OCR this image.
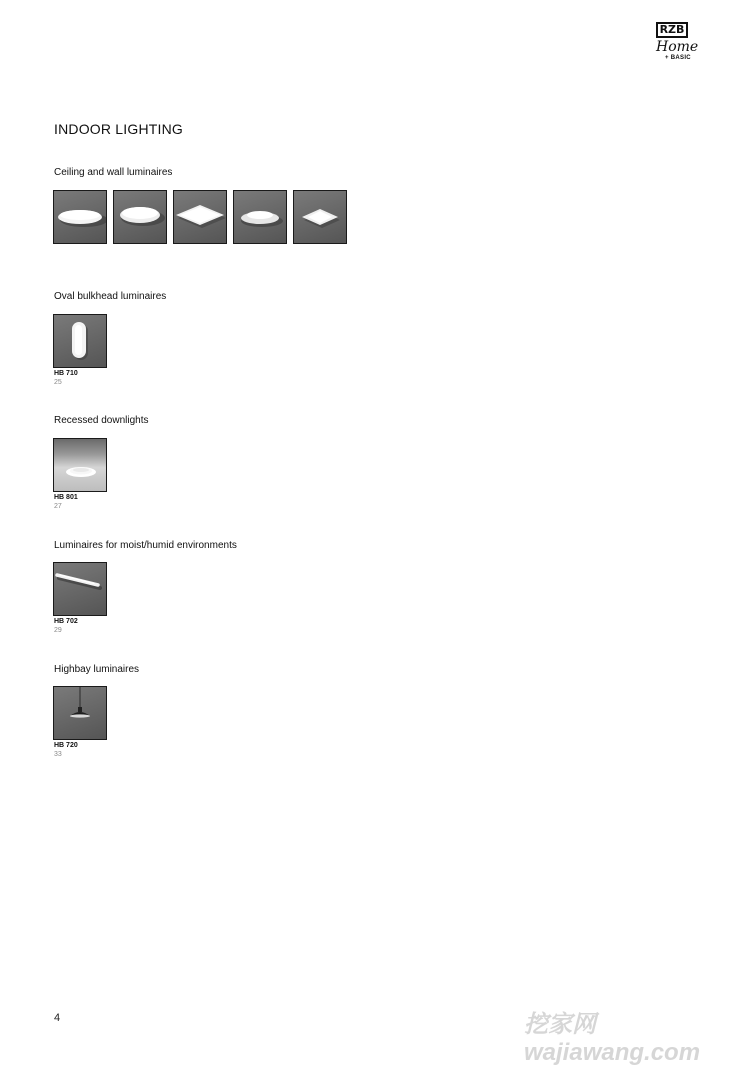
RZB
Home
+ BASIC
INDOOR LIGHTING
Ceiling and wall luminaires
Oval bulkhead luminaires
HB 710
25
Recessed downlights
HB 801
27
Luminaires for moist/humid environments
HB 702
29
Highbay luminaires
HB 720
33
4	挖家网 wajiawang.com
